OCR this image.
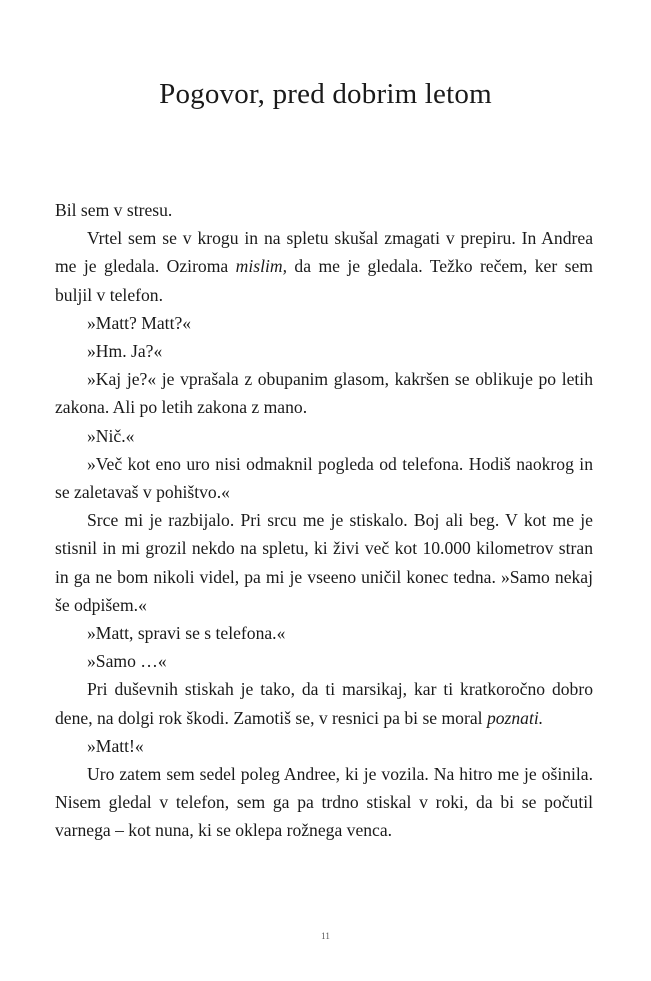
Pogovor, pred dobrim letom

Bil sem v stresu.

Vrtel sem se v krogu in na spletu skušal zmagati v prepiru. In Andrea me je gledala. Oziroma mislim, da me je gledala. Težko rečem, ker sem buljil v telefon.

»Matt? Matt?«

»Hm. Ja?«

»Kaj je?« je vprašala z obupanim glasom, kakršen se oblikuje po letih zakona. Ali po letih zakona z mano.

»Nič.«

»Več kot eno uro nisi odmaknil pogleda od telefona. Hodiš naokrog in se zaletavaš v pohištvo.«

Srce mi je razbijalo. Pri srcu me je stiskalo. Boj ali beg. V kot me je stisnil in mi grozil nekdo na spletu, ki živi več kot 10.000 kilometrov stran in ga ne bom nikoli videl, pa mi je vseeno uničil konec tedna. »Samo nekaj še odpišem.«

»Matt, spravi se s telefona.«

»Samo …«

Pri duševnih stiskah je tako, da ti marsikaj, kar ti kratkoročno dobro dene, na dolgi rok škodi. Zamotiš se, v resnici pa bi se moral poznati.

»Matt!«

Uro zatem sem sedel poleg Andree, ki je vozila. Na hitro me je ošinila. Nisem gledal v telefon, sem ga pa trdno stiskal v roki, da bi se počutil varnega – kot nuna, ki se oklepa rožnega venca.

11
